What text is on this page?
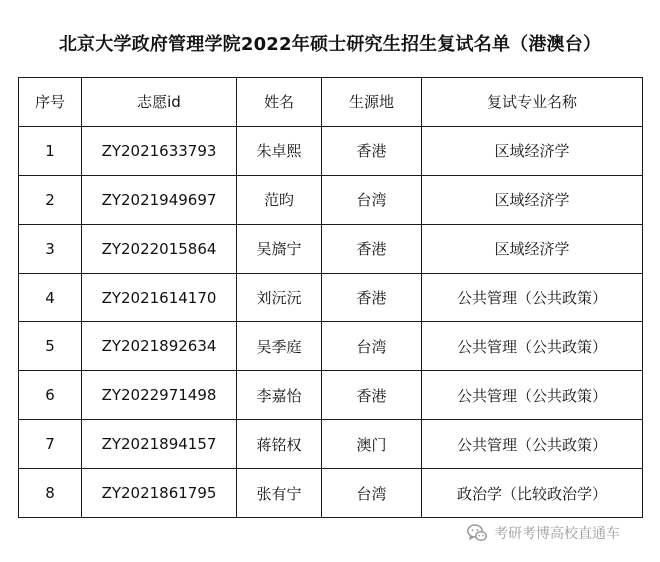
北京大学政府管理学院2022年硕士研究生招生复试名单（港澳台）
序号	志愿id	姓名	生源地	复试专业名称
1	ZY2021633793	朱卓熙	香港	区域经济学
2	ZY2021949697	范昀	台湾	区域经济学
3	ZY2022015864	吴旖宁	香港	区域经济学
4	ZY2021614170	刘沅沅	香港	公共管理（公共政策）
5	ZY2021892634	吴季庭	台湾	公共管理（公共政策）
6	ZY2022971498	李嘉怡	香港	公共管理（公共政策）
7	ZY2021894157	蒋铭权	澳门	公共管理（公共政策）
8	ZY2021861795	张有宁	台湾	政治学（比较政治学）
考研考博高校直通车
